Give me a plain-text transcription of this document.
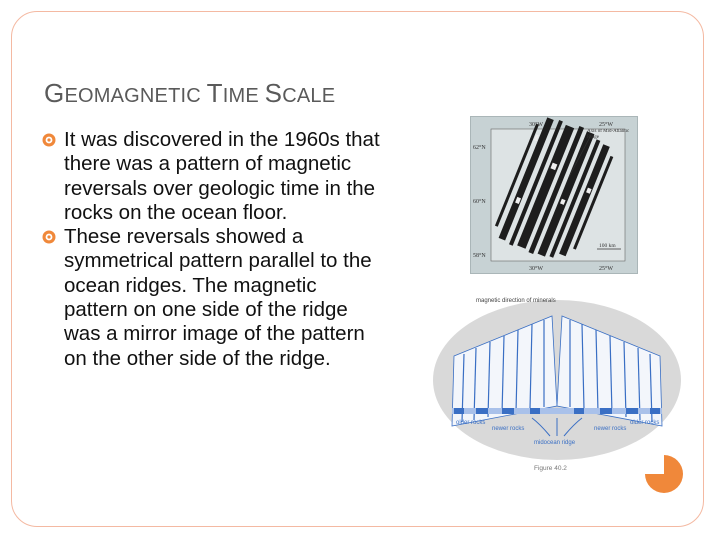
GEOMAGNETIC TIME SCALE
It was discovered in the 1960s that there was a pattern of magnetic reversals over geologic time in the rocks on the ocean floor.
These reversals showed a symmetrical pattern parallel to the ocean ridges. The magnetic pattern on one side of the ridge was a mirror image of the pattern on the other side of the ridge.
30°W	25°W
62°N
60°N
58°N
30°W	25°W
Axis of Mid-Atlantic Ridge
100 km
magnetic direction of minerals
older rocks
newer rocks	newer rocks
older rocks
midocean ridge
Figure 40.2
